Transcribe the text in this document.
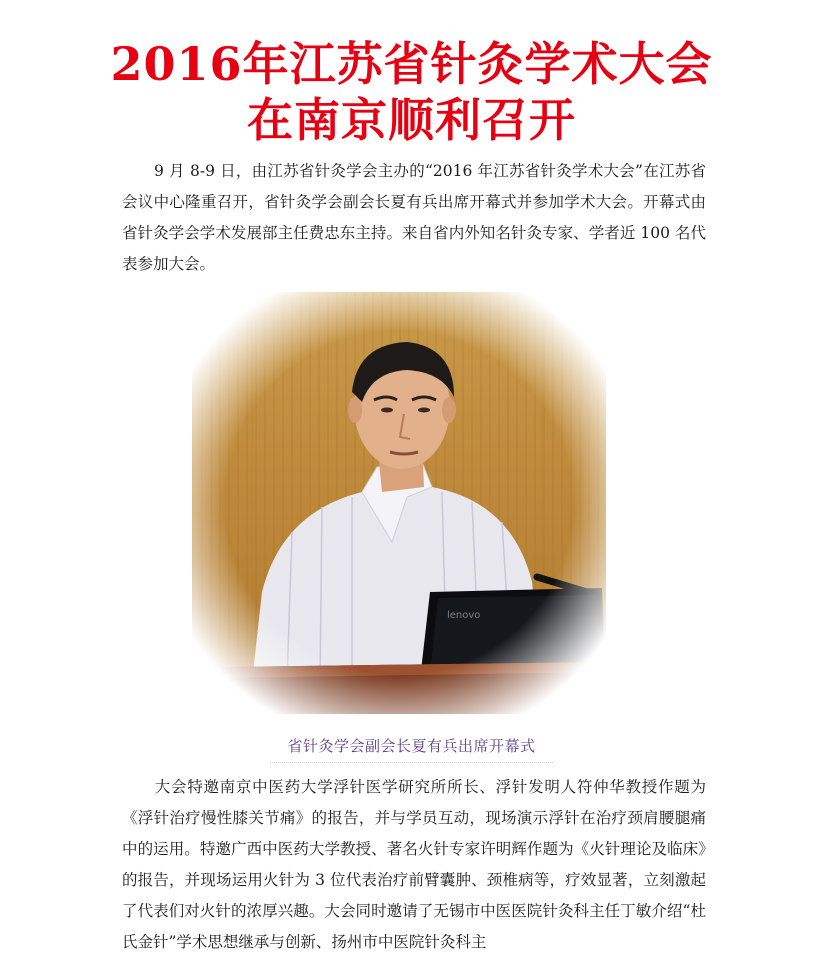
2016年江苏省针灸学术大会
在南京顺利召开

9 月 8-9 日，由江苏省针灸学会主办的“2016 年江苏省针灸学术大会”在江苏省会议中心隆重召开，省针灸学会副会长夏有兵出席开幕式并参加学术大会。开幕式由省针灸学会学术发展部主任费忠东主持。来自省内外知名针灸专家、学者近 100 名代表参加大会。

lenovo
省针灸学会副会长夏有兵出席开幕式

大会特邀南京中医药大学浮针医学研究所所长、浮针发明人符仲华教授作题为《浮针治疗慢性膝关节痛》的报告，并与学员互动，现场演示浮针在治疗颈肩腰腿痛中的运用。特邀广西中医药大学教授、著名火针专家许明辉作题为《火针理论及临床》的报告，并现场运用火针为 3 位代表治疗前臂囊肿、颈椎病等，疗效显著，立刻激起了代表们对火针的浓厚兴趣。大会同时邀请了无锡市中医医院针灸科主任丁敏介绍“杜氏金针”学术思想继承与创新、扬州市中医院针灸科主
